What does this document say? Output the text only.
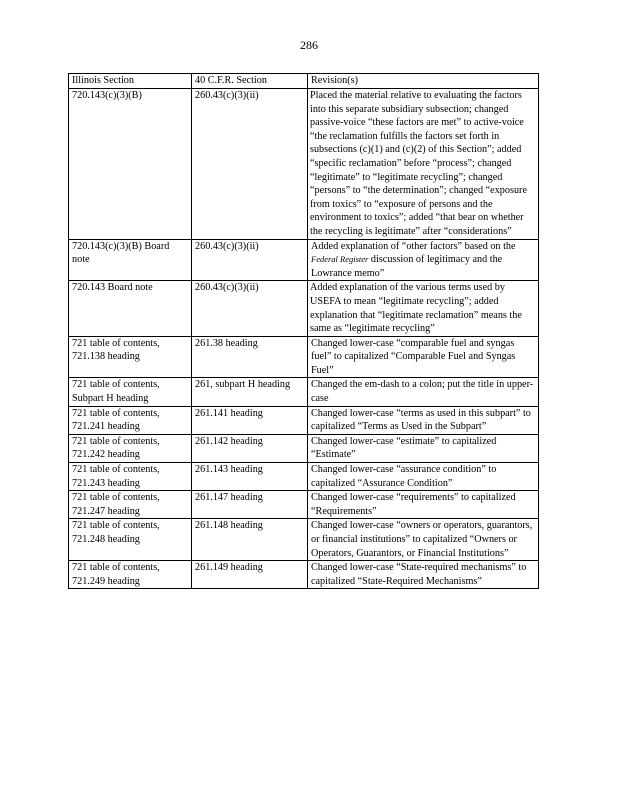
286
Illinois Section	40 C.F.R. Section	Revision(s)
720.143(c)(3)(B)	260.43(c)(3)(ii)	Placed the material relative to evaluating the factors into this separate subsidiary subsection; changed passive-voice “these factors are met” to active-voice “the reclamation fulfills the factors set forth in subsections (c)(1) and (c)(2) of this Section”; added “specific reclamation” before “process”; changed “legitimate” to “legitimate recycling”; changed “persons” to “the determination”; changed “exposure from toxics” to “exposure of persons and the environment to toxics”; added “that bear on whether the recycling is legitimate” after “considerations”
720.143(c)(3)(B) Board note	260.43(c)(3)(ii)	Added explanation of “other factors” based on the Federal Register discussion of legitimacy and the Lowrance memo”
720.143 Board note	260.43(c)(3)(ii)	Added explanation of the various terms used by USEFA to mean “legitimate recycling”; added explanation that “legitimate reclamation” means the same as “legitimate recycling”
721 table of contents, 721.138 heading	261.38 heading	Changed lower-case “comparable fuel and syngas fuel” to capitalized “Comparable Fuel and Syngas Fuel”
721 table of contents, Subpart H heading	261, subpart H heading	Changed the em-dash to a colon; put the title in upper-case
721 table of contents, 721.241 heading	261.141 heading	Changed lower-case “terms as used in this subpart” to capitalized “Terms as Used in the Subpart”
721 table of contents, 721.242 heading	261.142 heading	Changed lower-case “estimate” to capitalized “Estimate”
721 table of contents, 721.243 heading	261.143 heading	Changed lower-case “assurance condition” to capitalized “Assurance Condition”
721 table of contents, 721.247 heading	261.147 heading	Changed lower-case “requirements” to capitalized “Requirements”
721 table of contents, 721.248 heading	261.148 heading	Changed lower-case “owners or operators, guarantors, or financial institutions” to capitalized “Owners or Operators, Guarantors, or Financial Institutions”
721 table of contents, 721.249 heading	261.149 heading	Changed lower-case “State-required mechanisms” to capitalized “State-Required Mechanisms”
